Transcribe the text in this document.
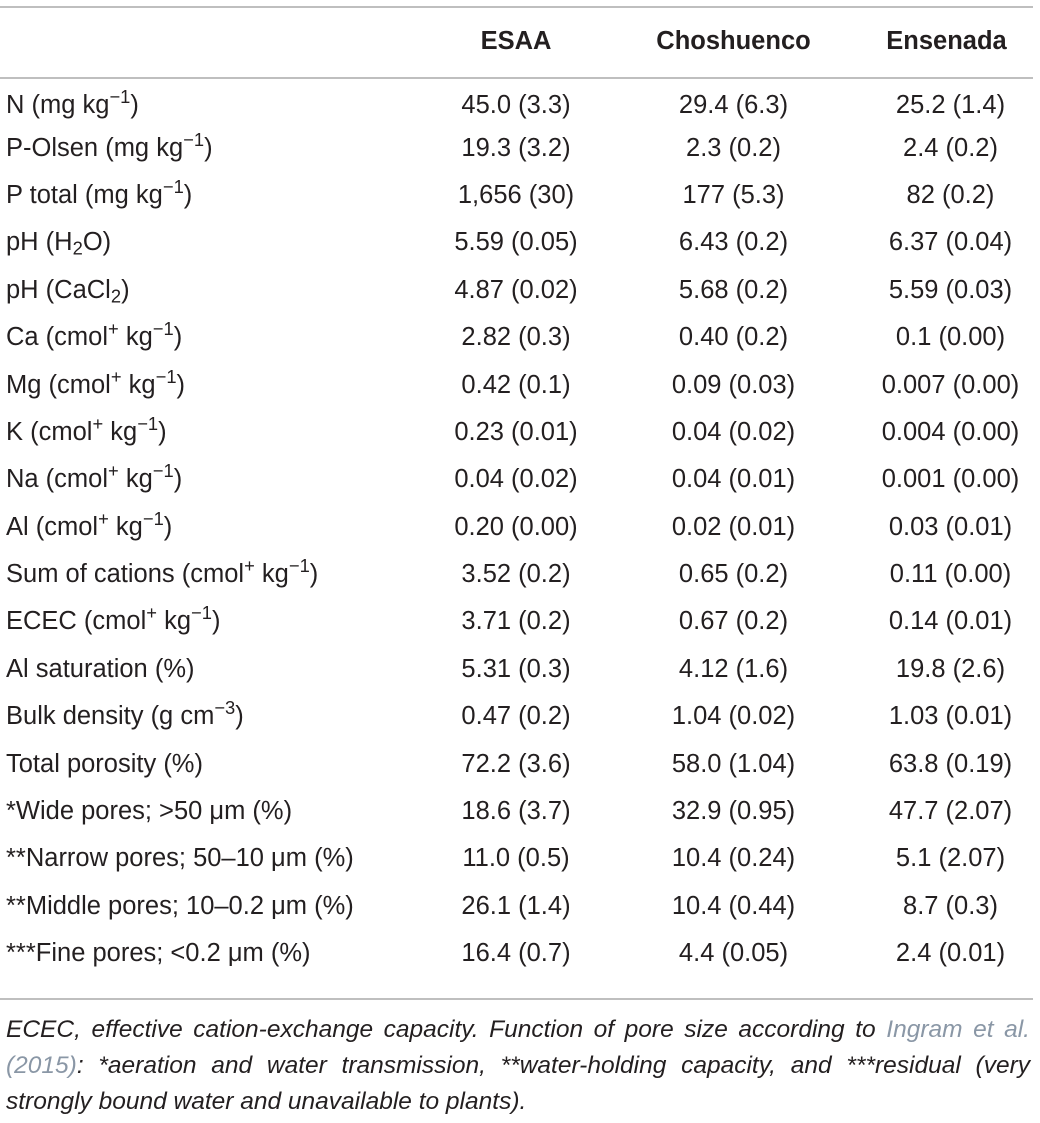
	ESAA	Choshuenco	Ensenada
N (mg $kg^{-1}$)	45.0 (3.3)	29.4 (6.3)	25.2 (1.4)
P-Olsen (mg $kg^{-1}$)	19.3 (3.2)	2.3 (0.2)	2.4 (0.2)
P total (mg $kg^{-1}$)	1,656 (30)	177 (5.3)	82 (0.2)
pH $(H_2O)$	5.59 (0.05)	6.43 (0.2)	6.37 (0.04)
pH (CaCl$_2$)	4.87 (0.02)	5.68 (0.2)	5.59 (0.03)
Ca (cmol+ $kg^{-1}$)	2.82 (0.3)	0.40 (0.2)	0.1 (0.00)
Mg (cmol+ $kg^{-1}$)	0.42 (0.1)	0.09 (0.03)	0.007 (0.00)
K (cmol+ $kg^{-1}$)	0.23 (0.01)	0.04 (0.02)	0.004 (0.00)
Na (cmol+ $kg^{-1}$)	0.04 (0.02)	0.04 (0.01)	0.001 (0.00)
Al (cmol+ $kg^{-1}$)	0.20 (0.00)	0.02 (0.01)	0.03 (0.01)
Sum of cations (cmol+ $kg^{-1}$)	3.52 (0.2)	0.65 (0.2)	0.11 (0.00)
ECEC (cmol+ $kg^{-1}$)	3.71 (0.2)	0.67 (0.2)	0.14 (0.01)
Al saturation (%)	5.31 (0.3)	4.12 (1.6)	19.8 (2.6)
Bulk density (g $cm^{-3}$)	0.47 (0.2)	1.04 (0.02)	1.03 (0.01)
Total porosity (%)	72.2 (3.6)	58.0 (1.04)	63.8 (0.19)
*Wide pores; >50 μm (%)	18.6 (3.7)	32.9 (0.95)	47.7 (2.07)
**Narrow pores; 50–10 μm (%)	11.0 (0.5)	10.4 (0.24)	5.1 (2.07)
**Middle pores; 10–0.2 μm (%)	26.1 (1.4)	10.4 (0.44)	8.7 (0.3)
***Fine pores; <0.2 μm (%)	16.4 (0.7)	4.4 (0.05)	2.4 (0.01)

ECEC, effective cation-exchange capacity. Function of pore size according to Ingram et al. (2015): *aeration and water transmission, **water-holding capacity, and ***residual (very strongly bound water and unavailable to plants).
